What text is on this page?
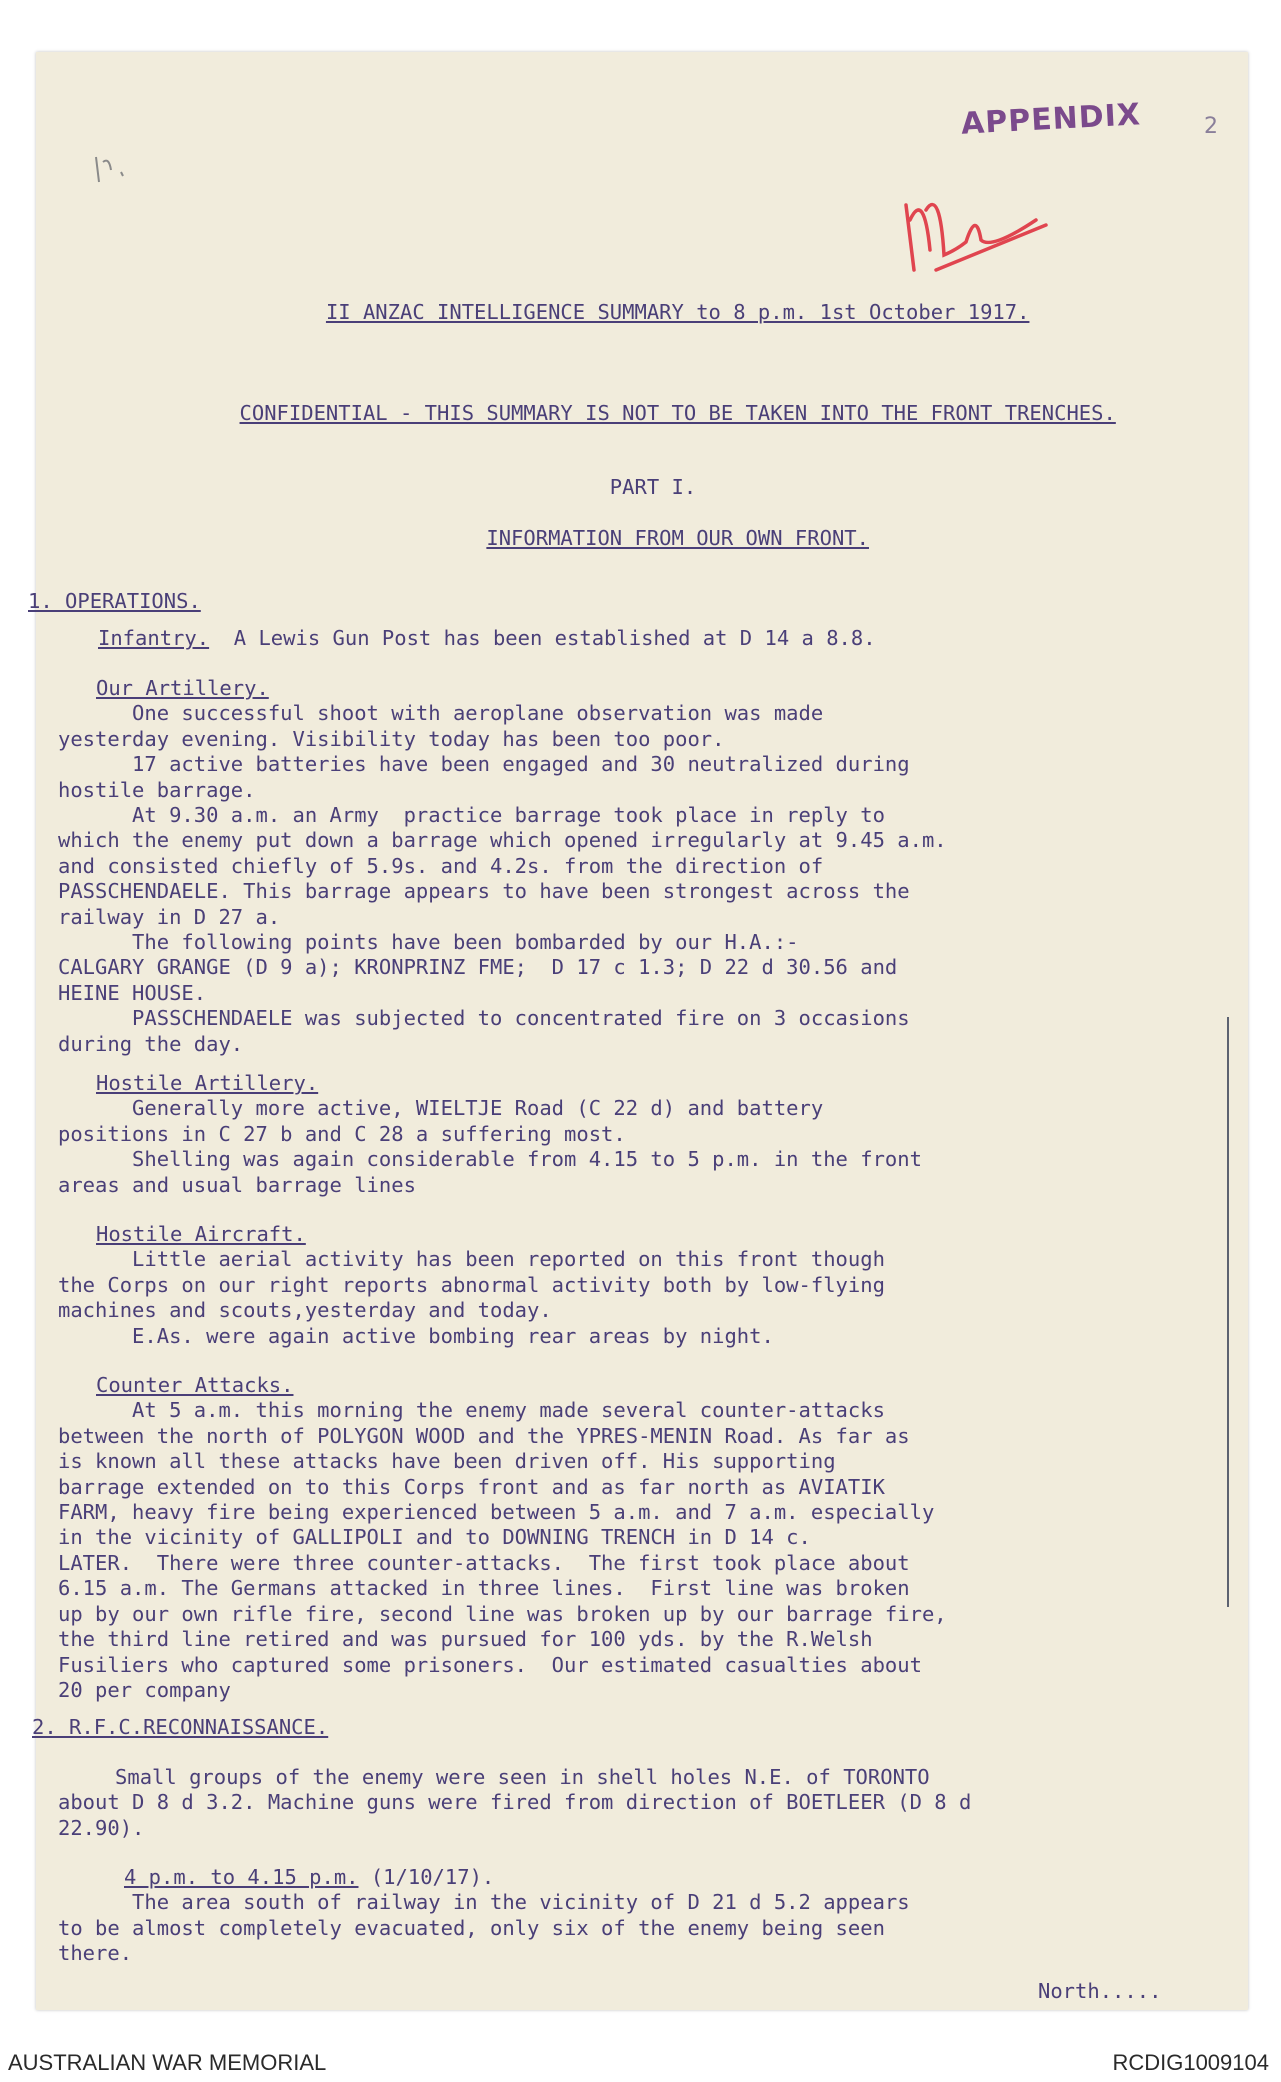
APPENDIX	2

II ANZAC INTELLIGENCE SUMMARY to 8 p.m. 1st October 1917.

CONFIDENTIAL - THIS SUMMARY IS NOT TO BE TAKEN INTO THE FRONT TRENCHES.

PART I.

INFORMATION FROM OUR OWN FRONT.

1. OPERATIONS.

Infantry.  A Lewis Gun Post has been established at D 14 a 8.8.

Our Artillery.

One successful shoot with aeroplane observation was made

yesterday evening. Visibility today has been too poor.

17 active batteries have been engaged and 30 neutralized during

hostile barrage.

At 9.30 a.m. an Army  practice barrage took place in reply to

which the enemy put down a barrage which opened irregularly at 9.45 a.m.

and consisted chiefly of 5.9s. and 4.2s. from the direction of

PASSCHENDAELE. This barrage appears to have been strongest across the

railway in D 27 a.

The following points have been bombarded by our H.A.:-

CALGARY GRANGE (D 9 a); KRONPRINZ FME;  D 17 c 1.3; D 22 d 30.56 and

HEINE HOUSE.

PASSCHENDAELE was subjected to concentrated fire on 3 occasions

during the day.

Hostile Artillery.

Generally more active, WIELTJE Road (C 22 d) and battery

positions in C 27 b and C 28 a suffering most.

Shelling was again considerable from 4.15 to 5 p.m. in the front

areas and usual barrage lines

Hostile Aircraft.

Little aerial activity has been reported on this front though

the Corps on our right reports abnormal activity both by low-flying

machines and scouts,yesterday and today.

E.As. were again active bombing rear areas by night.

Counter Attacks.

At 5 a.m. this morning the enemy made several counter-attacks

between the north of POLYGON WOOD and the YPRES-MENIN Road. As far as

is known all these attacks have been driven off. His supporting

barrage extended on to this Corps front and as far north as AVIATIK

FARM, heavy fire being experienced between 5 a.m. and 7 a.m. especially

in the vicinity of GALLIPOLI and to DOWNING TRENCH in D 14 c.

LATER.  There were three counter-attacks.  The first took place about

6.15 a.m. The Germans attacked in three lines.  First line was broken

up by our own rifle fire, second line was broken up by our barrage fire,

the third line retired and was pursued for 100 yds. by the R.Welsh

Fusiliers who captured some prisoners.  Our estimated casualties about

20 per company

2. R.F.C.RECONNAISSANCE.

Small groups of the enemy were seen in shell holes N.E. of TORONTO

about D 8 d 3.2. Machine guns were fired from direction of BOETLEER (D 8 d

22.90).

4 p.m. to 4.15 p.m. (1/10/17).

The area south of railway in the vicinity of D 21 d 5.2 appears

to be almost completely evacuated, only six of the enemy being seen

there.

North.....

AUSTRALIAN WAR MEMORIAL	RCDIG1009104
